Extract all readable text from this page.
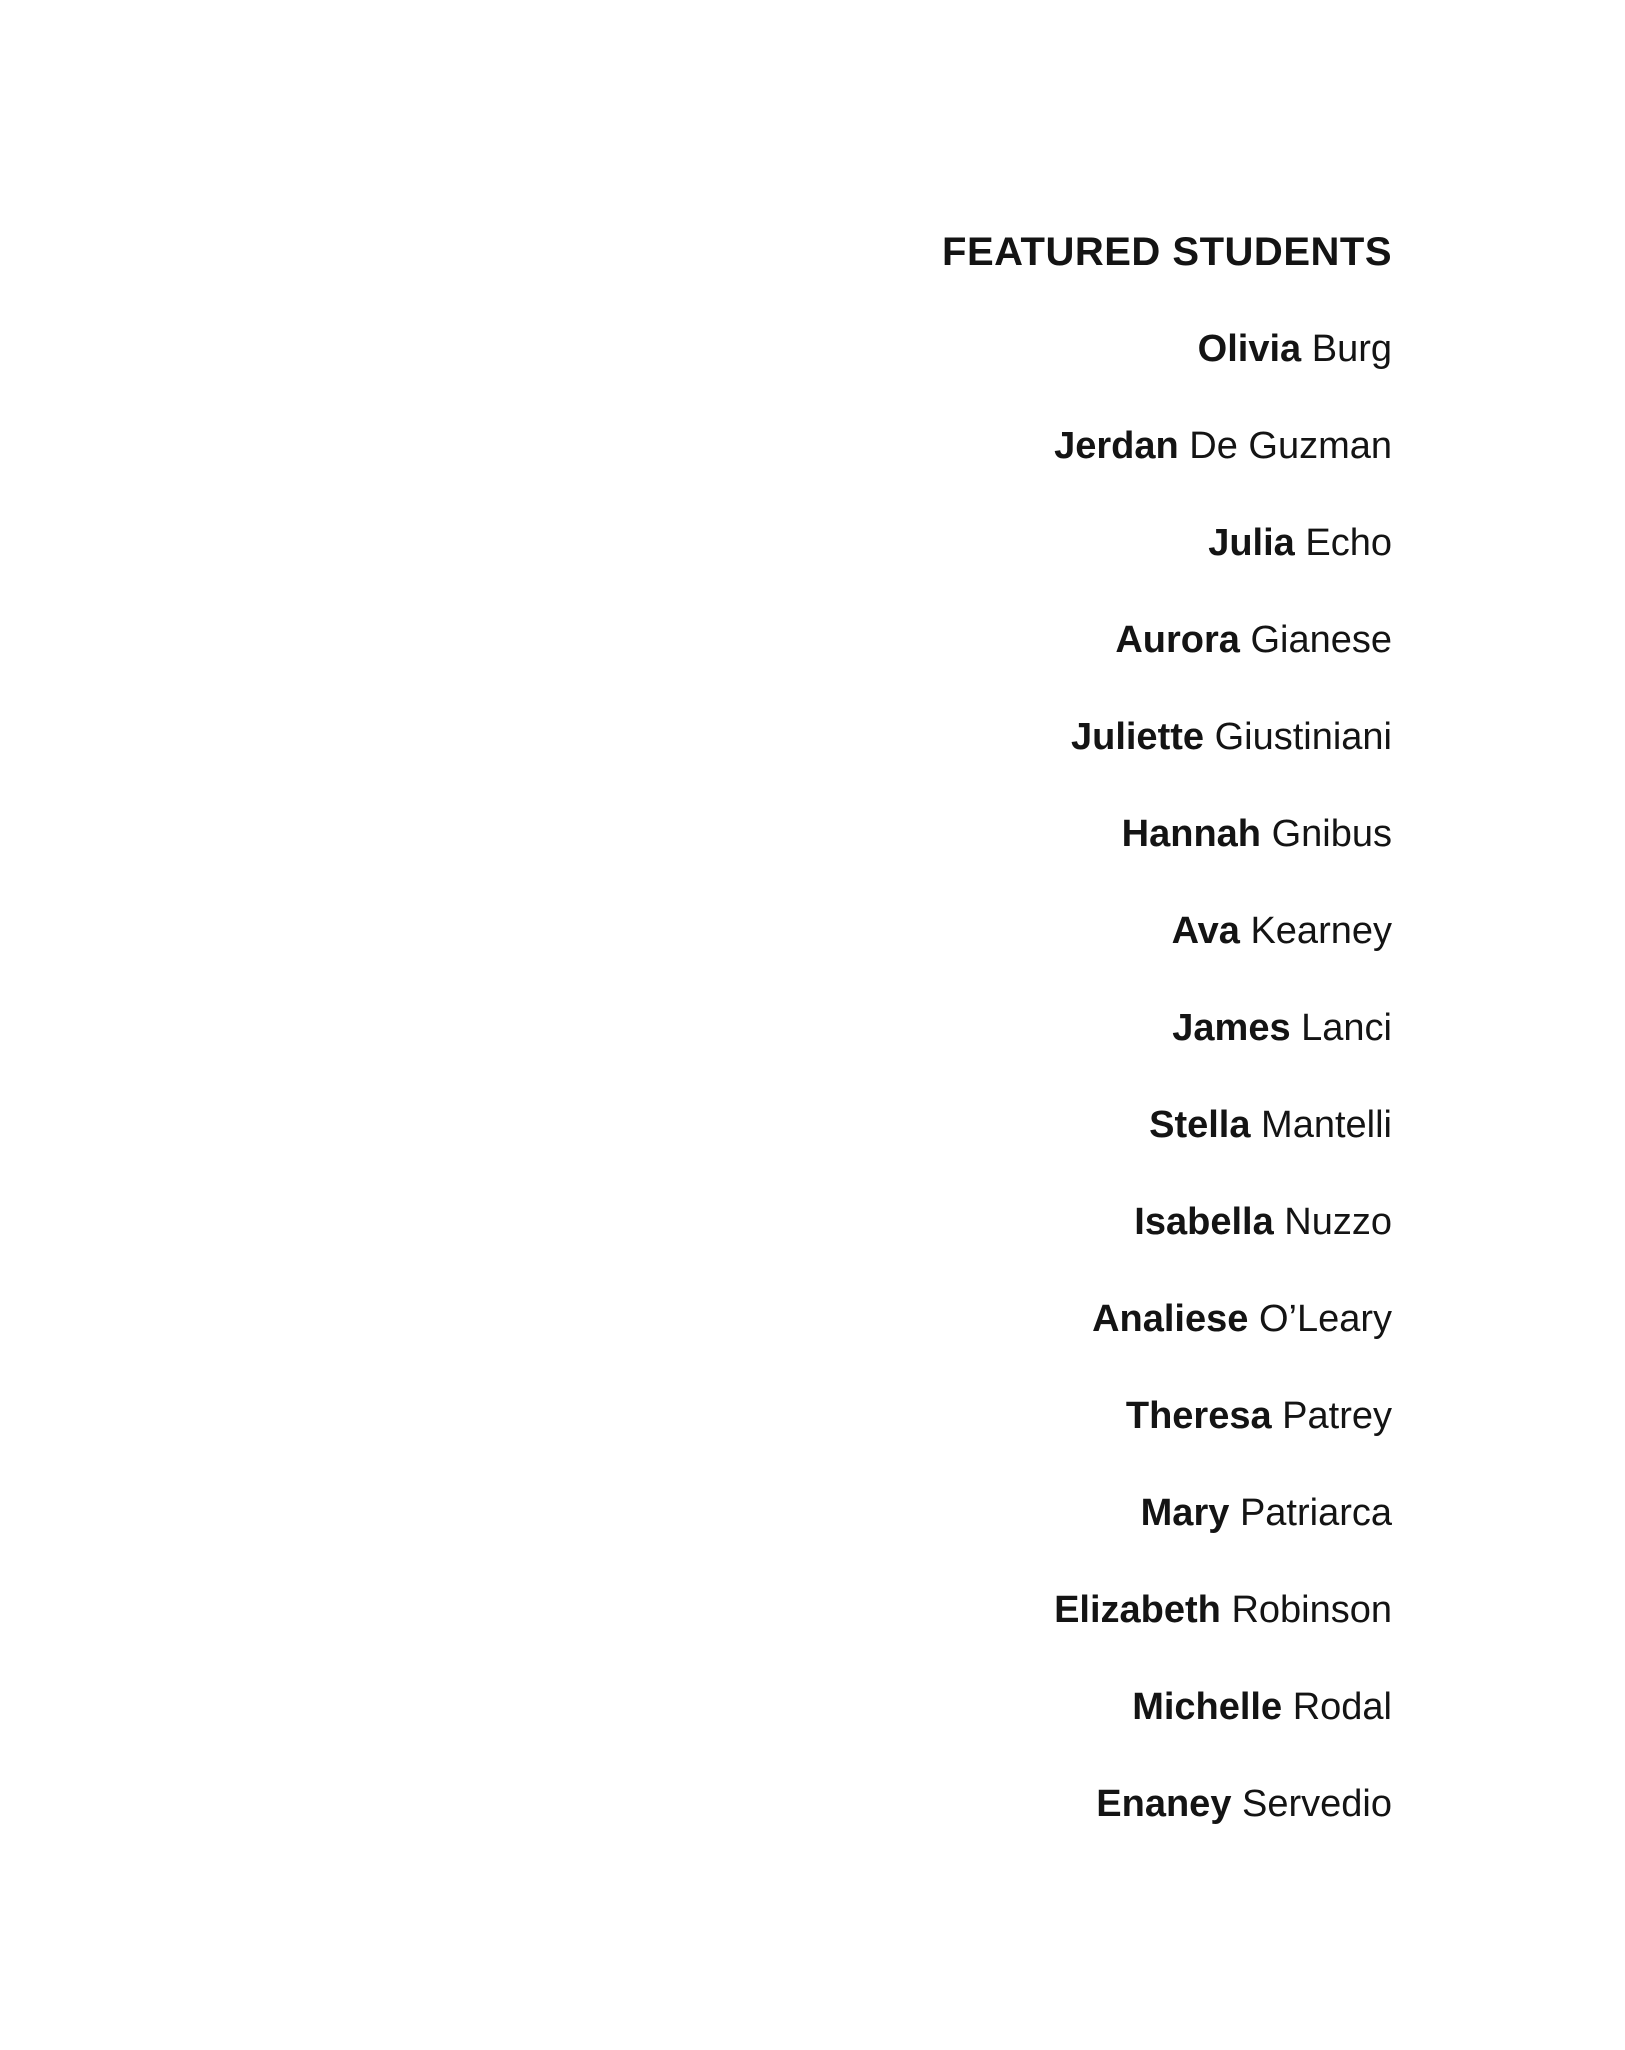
FEATURED STUDENTS
Olivia Burg
Jerdan De Guzman
Julia Echo
Aurora Gianese
Juliette Giustiniani
Hannah Gnibus
Ava Kearney
James Lanci
Stella Mantelli
Isabella Nuzzo
Analiese O’Leary
Theresa Patrey
Mary Patriarca
Elizabeth Robinson
Michelle Rodal
Enaney Servedio
